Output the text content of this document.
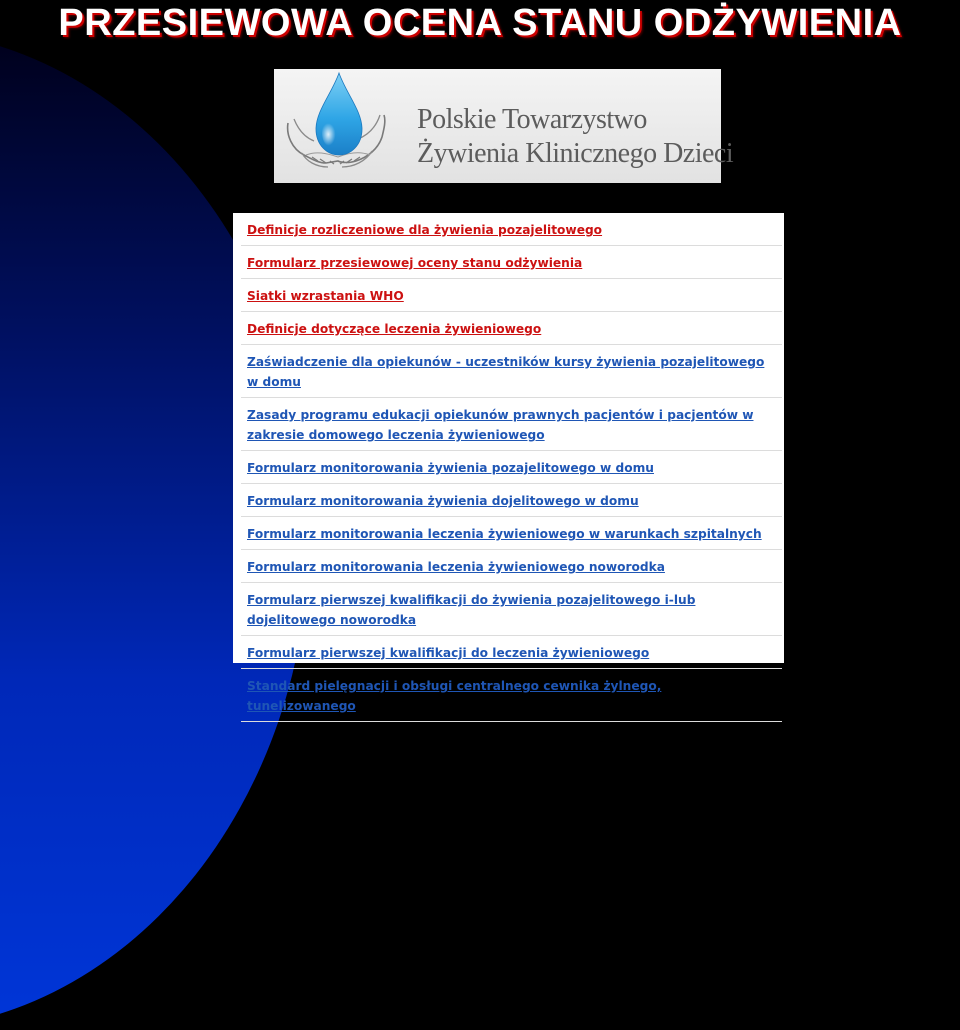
PRZESIEWOWA OCENA STANU ODŻYWIENIA
Polskie Towarzystwo
Żywienia Klinicznego Dzieci
Definicje rozliczeniowe dla żywienia pozajelitowego
Formularz przesiewowej oceny stanu odżywienia
Siatki wzrastania WHO
Definicje dotyczące leczenia żywieniowego
Zaświadczenie dla opiekunów - uczestników kursy żywienia pozajelitowego w domu
Zasady programu edukacji opiekunów prawnych pacjentów i pacjentów w zakresie domowego leczenia żywieniowego
Formularz monitorowania żywienia pozajelitowego w domu
Formularz monitorowania żywienia dojelitowego w domu
Formularz monitorowania leczenia żywieniowego w warunkach szpitalnych
Formularz monitorowania leczenia żywieniowego noworodka
Formularz pierwszej kwalifikacji do żywienia pozajelitowego i-lub dojelitowego noworodka
Formularz pierwszej kwalifikacji do leczenia żywieniowego
Standard pielęgnacji i obsługi centralnego cewnika żylnego, tunelizowanego
